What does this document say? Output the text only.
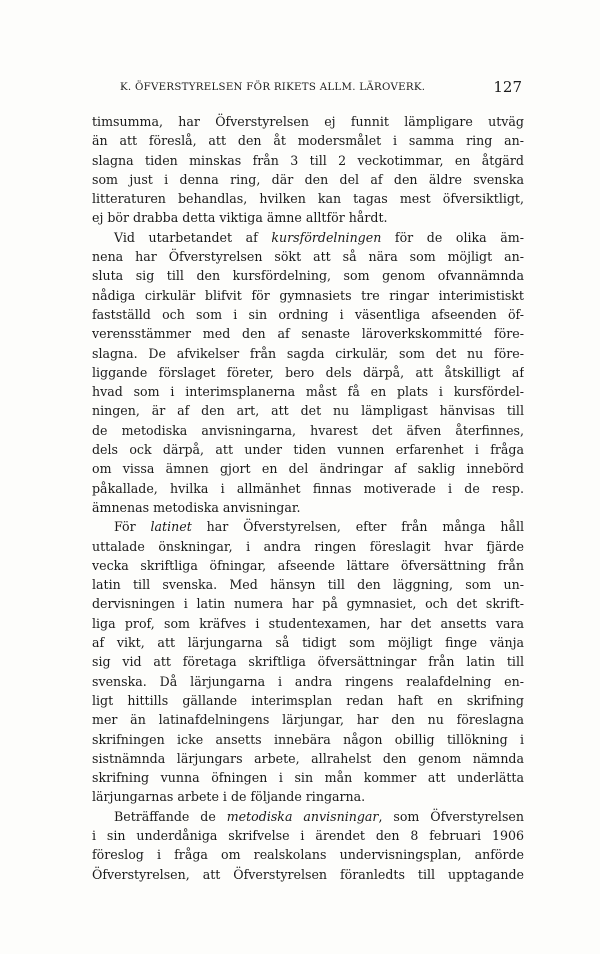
K. ÖFVERSTYRELSEN FÖR RIKETS ALLM. LÄROVERK.	127
timsumma, har Öfverstyrelsen ej funnit lämpligare utväg
än att föreslå, att den åt modersmålet i samma ring an-
slagna tiden minskas från 3 till 2 veckotimmar, en åtgärd
som just i denna ring, där den del af den äldre svenska
litteraturen behandlas, hvilken kan tagas mest öfversiktligt,
ej bör drabba detta viktiga ämne alltför hårdt.
Vid utarbetandet af kursfördelningen för de olika äm-
nena har Öfverstyrelsen sökt att så nära som möjligt an-
sluta sig till den kursfördelning, som genom ofvannämnda
nådiga cirkulär blifvit för gymnasiets tre ringar interimistiskt
fastställd och som i sin ordning i väsentliga afseenden öf-
verensstämmer med den af senaste läroverkskommitté före-
slagna. De afvikelser från sagda cirkulär, som det nu före-
liggande förslaget företer, bero dels därpå, att åtskilligt af
hvad som i interimsplanerna måst få en plats i kursfördel-
ningen, är af den art, att det nu lämpligast hänvisas till
de metodiska anvisningarna, hvarest det äfven återfinnes,
dels ock därpå, att under tiden vunnen erfarenhet i fråga
om vissa ämnen gjort en del ändringar af saklig innebörd
påkallade, hvilka i allmänhet finnas motiverade i de resp.
ämnenas metodiska anvisningar.
För latinet har Öfverstyrelsen, efter från många håll
uttalade önskningar, i andra ringen föreslagit hvar fjärde
vecka skriftliga öfningar, afseende lättare öfversättning från
latin till svenska. Med hänsyn till den läggning, som un-
dervisningen i latin numera har på gymnasiet, och det skrift-
liga prof, som kräfves i studentexamen, har det ansetts vara
af vikt, att lärjungarna så tidigt som möjligt finge vänja
sig vid att företaga skriftliga öfversättningar från latin till
svenska. Då lärjungarna i andra ringens realafdelning en-
ligt hittills gällande interimsplan redan haft en skrifning
mer än latinafdelningens lärjungar, har den nu föreslagna
skrifningen icke ansetts innebära någon obillig tillökning i
sistnämnda lärjungars arbete, allrahelst den genom nämnda
skrifning vunna öfningen i sin mån kommer att underlätta
lärjungarnas arbete i de följande ringarna.
Beträffande de metodiska anvisningar, som Öfverstyrelsen
i sin underdåniga skrifvelse i ärendet den 8 februari 1906
föreslog i fråga om realskolans undervisningsplan, anförde
Öfverstyrelsen, att Öfverstyrelsen föranledts till upptagande
